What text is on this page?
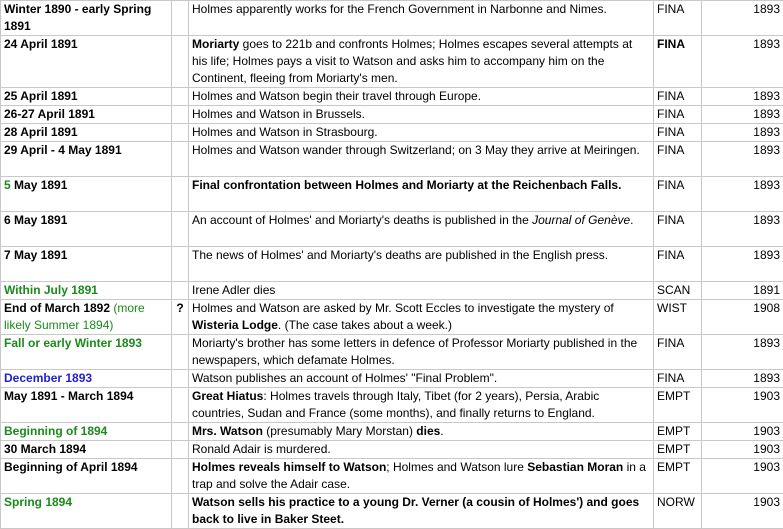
Winter 1890 - early Spring 1891		Holmes apparently works for the French Government in Narbonne and Nimes.	FINA	1893
24 April 1891		Moriarty goes to 221b and confronts Holmes; Holmes escapes several attempts at his life; Holmes pays a visit to Watson and asks him to accompany him on the Continent, fleeing from Moriarty's men.	FINA	1893
25 April 1891		Holmes and Watson begin their travel through Europe.	FINA	1893
26-27 April 1891		Holmes and Watson in Brussels.	FINA	1893
28 April 1891		Holmes and Watson in Strasbourg.	FINA	1893
29 April - 4 May 1891		Holmes and Watson wander through Switzerland; on 3 May they arrive at Meiringen.	FINA	1893
5 May 1891		Final confrontation between Holmes and Moriarty at the Reichenbach Falls.	FINA	1893
6 May 1891		An account of Holmes' and Moriarty's deaths is published in the Journal of Genève.	FINA	1893
7 May 1891		The news of Holmes' and Moriarty's deaths are published in the English press.	FINA	1893
Within July 1891		Irene Adler dies	SCAN	1891
End of March 1892 (more likely Summer 1894)	?	Holmes and Watson are asked by Mr. Scott Eccles to investigate the mystery of Wisteria Lodge. (The case takes about a week.)	WIST	1908
Fall or early Winter 1893		Moriarty's brother has some letters in defence of Professor Moriarty published in the newspapers, which defamate Holmes.	FINA	1893
December 1893		Watson publishes an account of Holmes' "Final Problem".	FINA	1893
May 1891 - March 1894		Great Hiatus: Holmes travels through Italy, Tibet (for 2 years), Persia, Arabic countries, Sudan and France (some months), and finally returns to England.	EMPT	1903
Beginning of 1894		Mrs. Watson (presumably Mary Morstan) dies.	EMPT	1903
30 March 1894		Ronald Adair is murdered.	EMPT	1903
Beginning of April 1894		Holmes reveals himself to Watson; Holmes and Watson lure Sebastian Moran in a trap and solve the Adair case.	EMPT	1903
Spring 1894		Watson sells his practice to a young Dr. Verner (a cousin of Holmes') and goes back to live in Baker Steet.	NORW	1903
